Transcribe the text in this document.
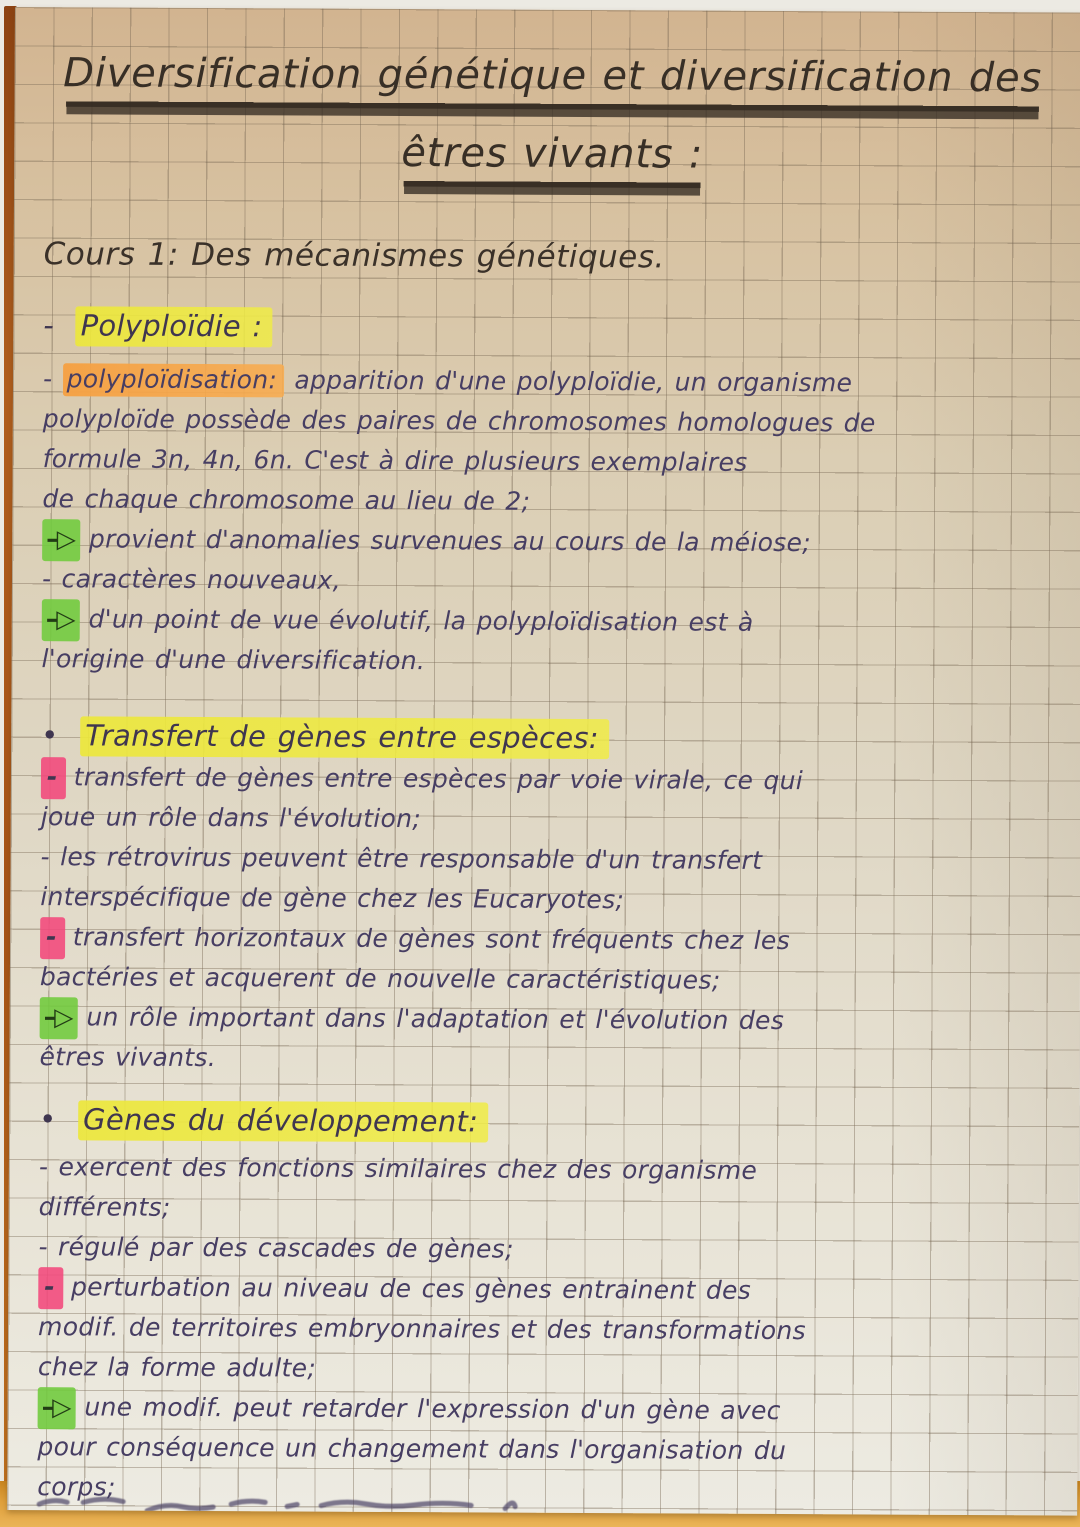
Diversification génétique et diversification des
êtres vivants :
Cours 1: Des mécanismes génétiques.
- Polyploïdie :
- polyploïdisation: apparition d'une polyploïdie, un organisme
polyploïde possède des paires de chromosomes homologues de
formule 3n, 4n, 6n. C'est à dire plusieurs exemplaires
de chaque chromosome au lieu de 2;
–▷ provient d'anomalies survenues au cours de la méiose;
- caractères nouveaux,
–▷ d'un point de vue évolutif, la polyploïdisation est à
l'origine d'une diversification.
• Transfert de gènes entre espèces:
- transfert de gènes entre espèces par voie virale, ce qui
joue un rôle dans l'évolution;
- les rétrovirus peuvent être responsable d'un transfert
interspécifique de gène chez les Eucaryotes;
- transfert horizontaux de gènes sont fréquents chez les
bactéries et acquerent de nouvelle caractéristiques;
–▷ un rôle important dans l'adaptation et l'évolution des
êtres vivants.
• Gènes du développement:
- exercent des fonctions similaires chez des organisme
différents;
- régulé par des cascades de gènes;
- perturbation au niveau de ces gènes entrainent des
modif. de territoires embryonnaires et des transformations
chez la forme adulte;
–▷ une modif. peut retarder l'expression d'un gène avec
pour conséquence un changement dans l'organisation du
corps;
